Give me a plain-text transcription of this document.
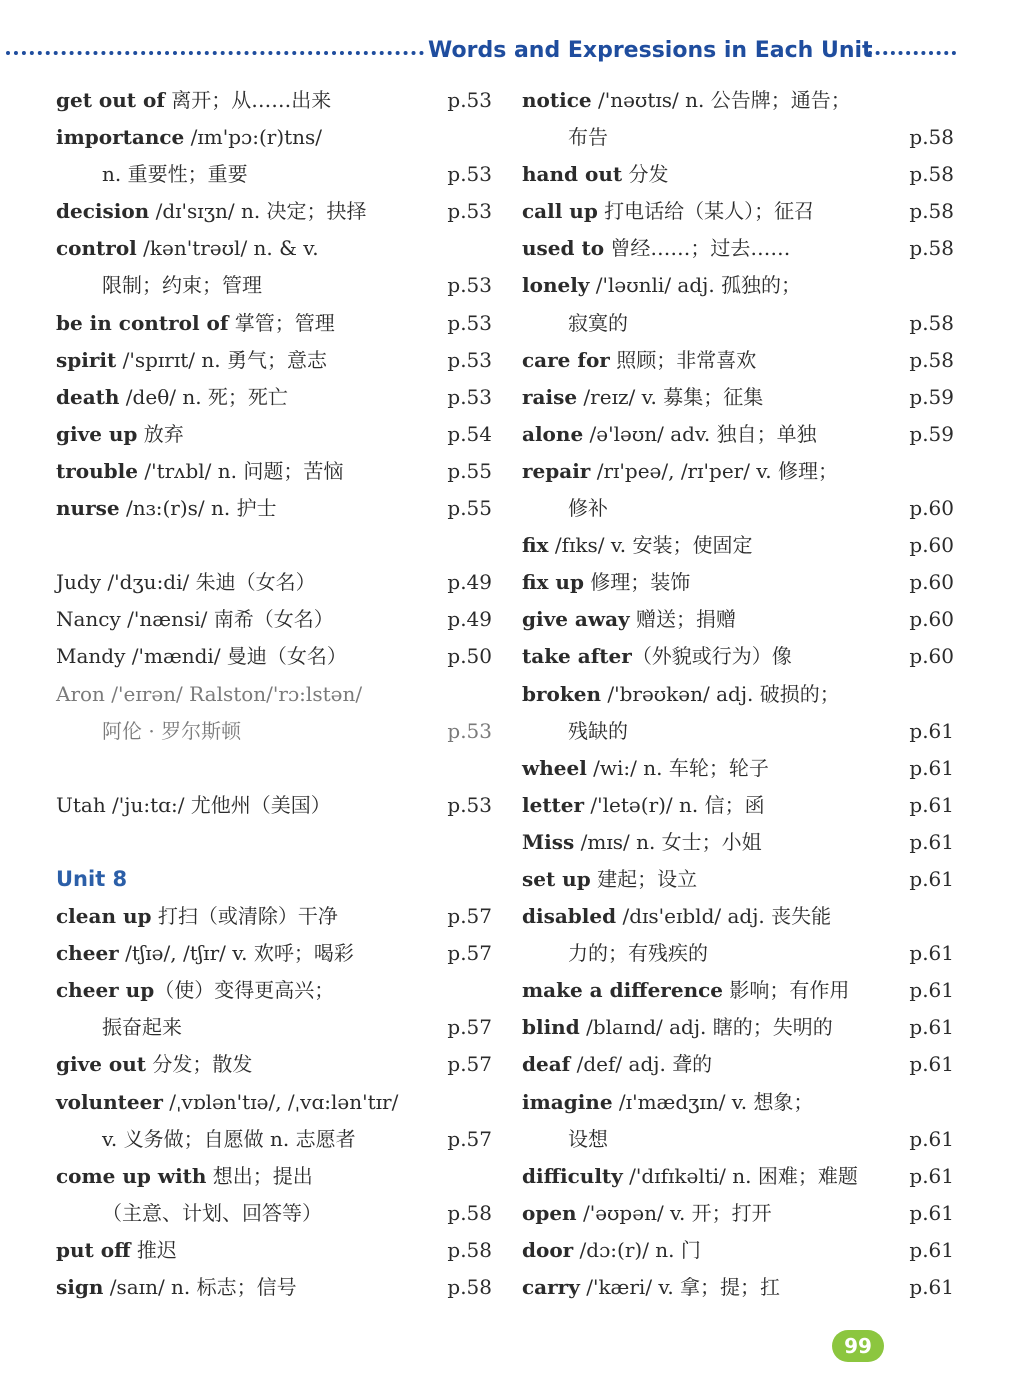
Words and Expressions in Each Unit
get out of 离开；从……出来	p.53
importance /ɪm'pɔ:(r)tns/
n. 重要性；重要	p.53
decision /dɪ'sɪʒn/ n. 决定；抉择	p.53
control /kən'trəʊl/ n. & v.
限制；约束；管理	p.53
be in control of 掌管；管理	p.53
spirit /'spɪrɪt/ n. 勇气；意志	p.53
death /deθ/ n. 死；死亡	p.53
give up 放弃	p.54
trouble /'trʌbl/ n. 问题；苦恼	p.55
nurse /nɜ:(r)s/ n. 护士	p.55
Judy /'dʒu:di/ 朱迪（女名）	p.49
Nancy /'nænsi/ 南希（女名）	p.49
Mandy /'mændi/ 曼迪（女名）	p.50
Aron /'eɪrən/ Ralston/'rɔ:lstən/
阿伦 · 罗尔斯顿	p.53
Utah /'ju:tɑ:/ 尤他州（美国）	p.53
Unit 8
clean up 打扫（或清除）干净	p.57
cheer /tʃɪə/, /tʃɪr/ v. 欢呼；喝彩	p.57
cheer up（使）变得更高兴；
振奋起来	p.57
give out 分发；散发	p.57
volunteer /ˌvɒlən'tɪə/, /ˌvɑ:lən'tɪr/
v. 义务做；自愿做 n. 志愿者	p.57
come up with 想出；提出
（主意、计划、回答等）	p.58
put off 推迟	p.58
sign /saɪn/ n. 标志；信号	p.58
notice /'nəʊtɪs/ n. 公告牌；通告；
布告	p.58
hand out 分发	p.58
call up 打电话给（某人）；征召	p.58
used to 曾经……；过去……	p.58
lonely /'ləʊnli/ adj. 孤独的；
寂寞的	p.58
care for 照顾；非常喜欢	p.58
raise /reɪz/ v. 募集；征集	p.59
alone /ə'ləʊn/ adv. 独自；单独	p.59
repair /rɪ'peə/, /rɪ'per/ v. 修理；
修补	p.60
fix /fɪks/ v. 安装；使固定	p.60
fix up 修理；装饰	p.60
give away 赠送；捐赠	p.60
take after（外貌或行为）像	p.60
broken /'brəʊkən/ adj. 破损的；
残缺的	p.61
wheel /wi:/ n. 车轮；轮子	p.61
letter /'letə(r)/ n. 信；函	p.61
Miss /mɪs/ n. 女士；小姐	p.61
set up 建起；设立	p.61
disabled /dɪs'eɪbld/ adj. 丧失能
力的；有残疾的	p.61
make a difference 影响；有作用	p.61
blind /blaɪnd/ adj. 瞎的；失明的	p.61
deaf /def/ adj. 聋的	p.61
imagine /ɪ'mædʒɪn/ v. 想象；
设想	p.61
difficulty /'dɪfɪkəlti/ n. 困难；难题	p.61
open /'əʊpən/ v. 开；打开	p.61
door /dɔ:(r)/ n. 门	p.61
carry /'kæri/ v. 拿；提；扛	p.61
99
